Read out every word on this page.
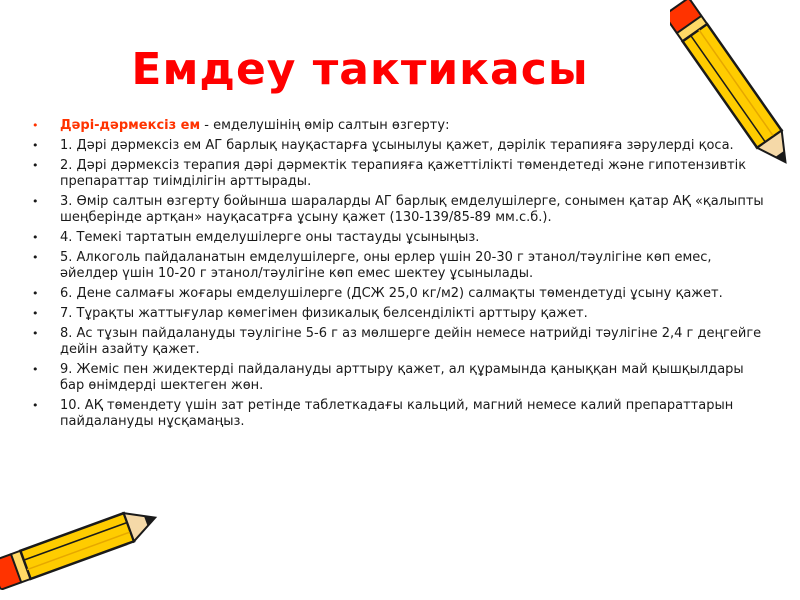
Емдеу тактикасы
• Дәрі-дәрмексіз ем - емделушінің өмір салтын өзгерту:
• 1. Дәрі дәрмексіз ем АГ барлық науқастарға ұсынылуы қажет, дәрілік терапияға зәрулерді қоса.
• 2. Дәрі дәрмексіз терапия дәрі дәрмектік терапияға қажеттілікті төмендетеді және гипотензивтік препараттар тиімділігін арттырады.
• 3. Өмір салтын өзгерту бойынша шараларды АГ барлық емделушілерге, сонымен қатар АҚ «қалыпты шеңберінде артқан» науқасатрға ұсыну қажет (130-139/85-89 мм.с.б.).
• 4. Темекі тартатын емделушілерге оны тастауды ұсыныңыз.
• 5. Алкоголь пайдаланатын емделушілерге, оны ерлер үшін 20-30 г этанол/тәулігіне көп емес, әйелдер үшін 10-20 г этанол/тәулігіне көп емес шектеу ұсынылады.
• 6. Дене салмағы жоғары емделушілерге (ДСЖ 25,0 кг/м2) салмақты төмендетуді ұсыну қажет.
• 7. Тұрақты жаттығулар көмегімен физикалық белсенділікті арттыру қажет.
• 8. Ас тұзын пайдалануды тәулігіне 5-6 г аз мөлшерге дейін немесе натрийді тәулігіне 2,4 г деңгейге дейін азайту қажет.
• 9. Жеміс пен жидектерді пайдалануды арттыру қажет, ал құрамында қаныққан май қышқылдары бар өнімдерді шектеген жөн.
• 10. АҚ төмендету үшін зат ретінде таблеткадағы кальций, магний немесе калий препараттарын пайдалануды нұсқамаңыз.
